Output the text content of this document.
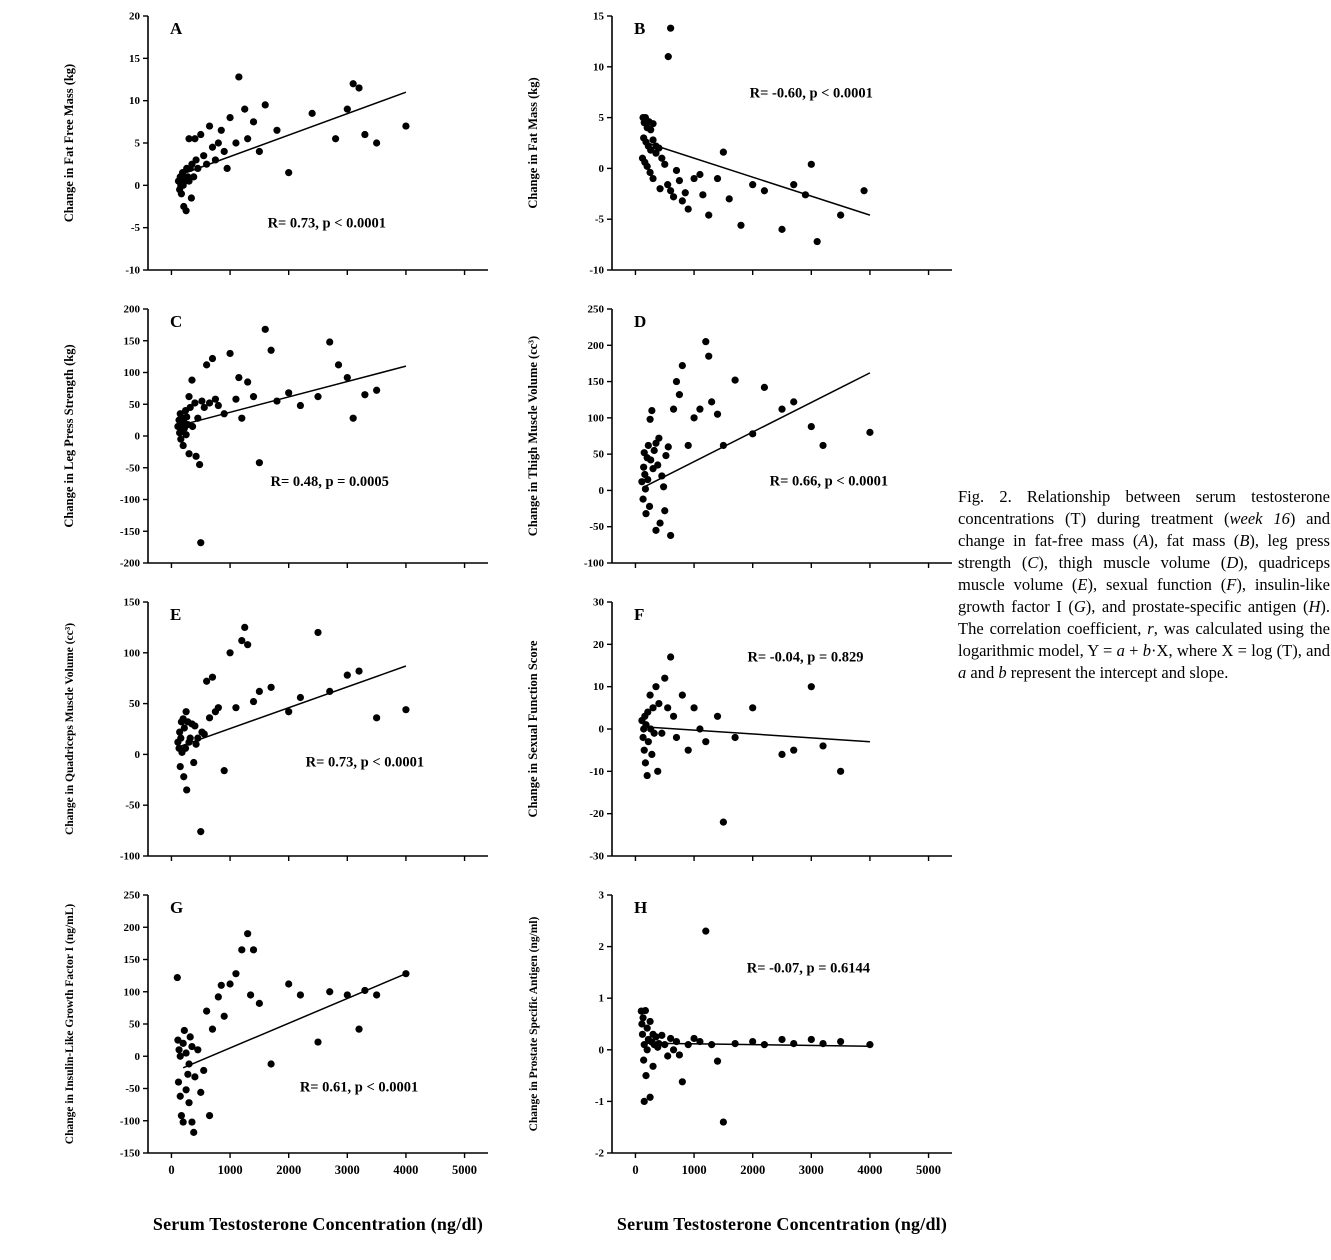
20
15
10
5
0
-5
-10
Change in Fat Free Mass (kg)
A
R= 0.73, p < 0.0001
200
150
100
50
0
-50
-100
-150
-200
Change in Leg Press Strength (kg)
C
R= 0.48, p = 0.0005
150
100
50
0
-50
-100
Change in Quadriceps Muscle Volume (cc³)
E
R= 0.73, p < 0.0001
250
200
150
100
50
0
-50
-100
-150
0	1000	2000	3000	4000	5000
Change in Insulin-Like Growth Factor I (ng/mL)	G
R= 0.61, p < 0.0001
Serum Testosterone Concentration (ng/dl)
15
10
5
0
-5
-10
Change in Fat Mass (kg)
B
R= -0.60, p < 0.0001
250
200
150
100
50
0
-50
-100
Change in Thigh Muscle Volume (cc³)
D
R= 0.66, p < 0.0001
30
20
10
0
-10
-20
-30
Change in Sexual Function Score
F
R= -0.04, p = 0.829
3
2
1
0
-1
-2
0	1000	2000	3000	4000	5000
Change in Prostate Specific Antigen (ng/ml)
H
R= -0.07, p = 0.6144
Serum Testosterone Concentration (ng/dl)
Fig. 2. Relationship between serum testosterone concentrations (T) during treatment (week 16) and change in fat-free mass (A), fat mass (B), leg press strength (C), thigh muscle volume (D), quadriceps muscle volume (E), sexual function (F), insulin-like growth factor I (G), and prostate-specific antigen (H). The correlation coefficient, r, was calculated using the logarithmic model, Y = a + b·X, where X = log (T), and a and b represent the intercept and slope.
